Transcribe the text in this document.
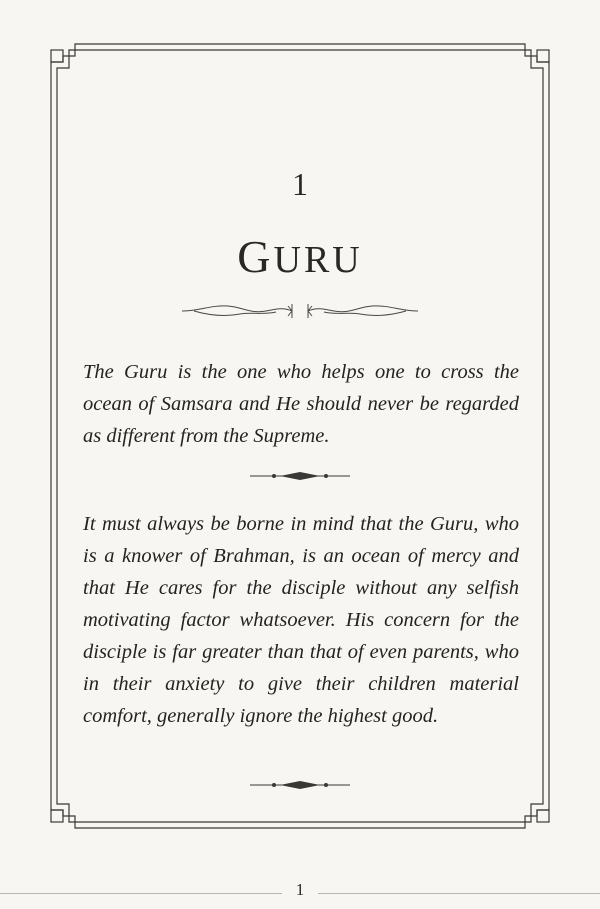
1
GURU
The Guru is the one who helps one to cross the ocean of Samsara and He should never be regarded as different from the Supreme.
It must always be borne in mind that the Guru, who is a knower of Brahman, is an ocean of mercy and that He cares for the disciple without any selfish motivating factor whatsoever. His concern for the disciple is far greater than that of even parents, who in their anxiety to give their children material comfort, generally ignore the highest good.
1
